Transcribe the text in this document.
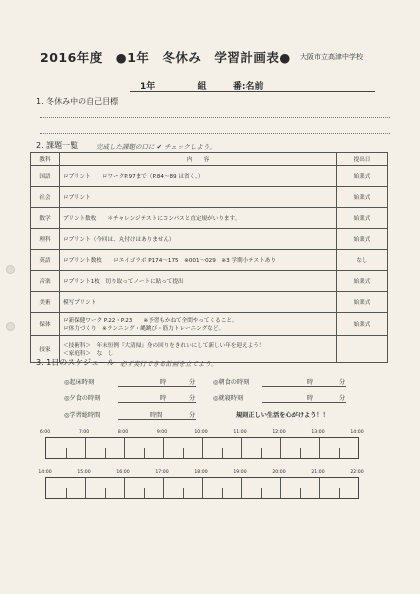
2016年度　●1年　冬休み　学習計画表● 大阪市立高津中学校
1年	組	番:名前
1. 冬休み中の自己目標
2. 課題一覧	完成した課題の口に ✔ チェックしよう。
教科	内　　容	提出日
国語	ロプリント　　ロワークP.97まで（P.84～89 は省く。）	始業式
社会	ロプリント	始業式
数学	プリント数枚　　＊チャレンジテストにコンパスと直定規がいります。	始業式
理科	ロプリント（今回は、丸付けはありません）	始業式
英語	ロプリント数枚　　ロエイゴラボ P174～175　※001～029　※3 学期小テストあり	なし
音楽	ロプリント1枚　切り取ってノートに貼って提出	始業式
美術	模写プリント	始業式
保体	ロ新保健ワーク P.22・P.23　　※予習もかねて全問やってくること。
ロ体力づくり　※ランニング・縄跳び・筋力トレーニングなど。	始業式
技家	＜技術科＞　年末恒例『大清掃』身の回りをきれいにして新しい年を迎えよう！
＜家庭科＞　な　し	

3. 1日のスケジュール 必ず実行できる計画を立てよう。
◎起床時刻	時	分	◎朝食の時刻	時	分
◎夕食の時刻	時	分	◎就寝時刻	時	分
◎学習総時間	時間	分	規則正しい生活を心がけよう！！
6:00	7:00	8:00	9:00	10:00	11:00	12:00	13:00	14:00
14:00	15:00	16:00	17:00	18:00	19:00	20:00	21:00	22:00
